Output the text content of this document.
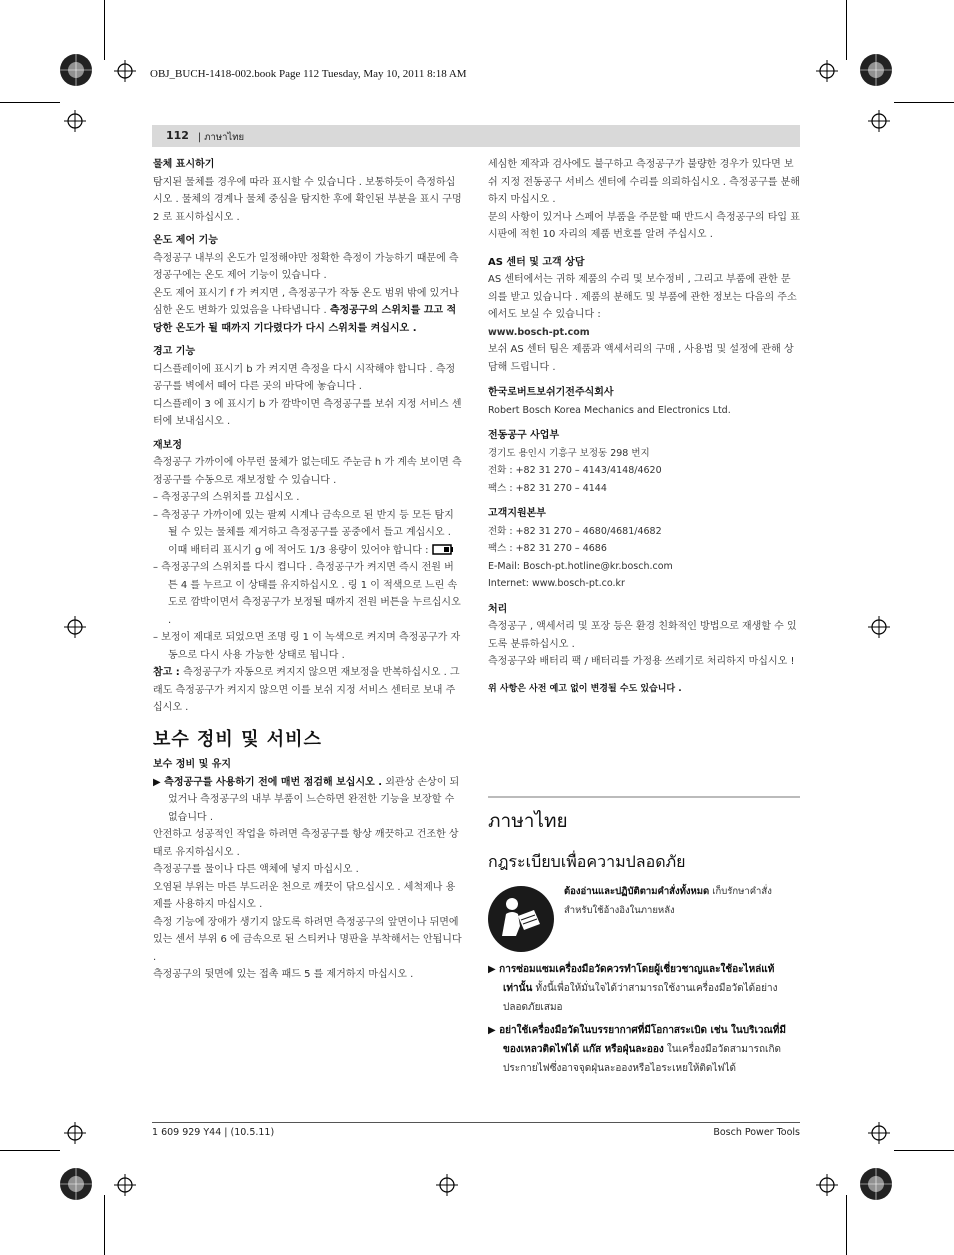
OBJ_BUCH-1418-002.book Page 112 Tuesday, May 10, 2011 8:18 AM
112 | ภาษาไทย

물체 표시하기

탐지된 물체를 경우에 따라 표시할 수 있습니다 . 보통하듯이 측정하십시오 . 물체의 경계나 물체 중심을 탐지한 후에 확인된 부분을 표시 구멍 2 로 표시하십시오 .

온도 제어 기능

측정공구 내부의 온도가 일정해야만 정확한 측정이 가능하기 때문에 측정공구에는 온도 제어 기능이 있습니다 .

온도 제어 표시기 f 가 켜지면 , 측정공구가 작동 온도 범위 밖에 있거나 심한 온도 변화가 있었음을 나타냅니다 . 측정공구의 스위치를 끄고 적당한 온도가 될 때까지 기다렸다가 다시 스위치를 켜십시오 .

경고 기능

디스플레이에 표시기 b 가 켜지면 측정을 다시 시작해야 합니다 . 측정공구를 벽에서 떼어 다른 곳의 바닥에 놓습니다 .

디스플레이 3 에 표시기 b 가 깜박이면 측정공구를 보쉬 지정 서비스 센터에 보내십시오 .

재보정

측정공구 가까이에 아무런 물체가 없는데도 주눈금 h 가 계속 보이면 측정공구를 수동으로 재보정할 수 있습니다 .

– 측정공구의 스위치를 끄십시오 .

– 측정공구 가까이에 있는 팔찌 시계나 금속으로 된 반지 등 모든 탐지될 수 있는 물체를 제거하고 측정공구를 공중에서 들고 계십시오 .

이때 배터리 표시기 g 에 적어도 1/3 용량이 있어야 합니다 :

– 측정공구의 스위치를 다시 켭니다 . 측정공구가 켜지면 즉시 전원 버튼 4 를 누르고 이 상태를 유지하십시오 . 링 1 이 적색으로 느린 속도로 깜박이면서 측정공구가 보정될 때까지 전원 버튼을 누르십시오 .

– 보정이 제대로 되었으면 조명 링 1 이 녹색으로 켜지며 측정공구가 자동으로 다시 사용 가능한 상태로 됩니다 .

참고 : 측정공구가 자동으로 켜지지 않으면 재보정을 반복하십시오 . 그래도 측정공구가 켜지지 않으면 이를 보쉬 지정 서비스 센터로 보내 주십시오 .

보수 정비 및 서비스

보수 정비 및 유지

▶ 측정공구를 사용하기 전에 매번 점검해 보십시오 . 외관상 손상이 되었거나 측정공구의 내부 부품이 느슨하면 완전한 기능을 보장할 수 없습니다 .

안전하고 성공적인 작업을 하려면 측정공구를 항상 깨끗하고 건조한 상태로 유지하십시오 .

측정공구를 물이나 다른 액체에 넣지 마십시오 .

오염된 부위는 마른 부드러운 천으로 깨끗이 닦으십시오 . 세척제나 용제를 사용하지 마십시오 .

측정 기능에 장애가 생기지 않도록 하려면 측정공구의 앞면이나 뒤면에 있는 센서 부위 6 에 금속으로 된 스티커나 명판을 부착해서는 안됩니다 .

측정공구의 뒷면에 있는 접촉 패드 5 를 제거하지 마십시오 .

세심한 제작과 검사에도 불구하고 측정공구가 불량한 경우가 있다면 보쉬 지정 전동공구 서비스 센터에 수리를 의뢰하십시오 . 측정공구를 분해하지 마십시오 .

문의 사항이 있거나 스페어 부품을 주문할 때 반드시 측정공구의 타입 표시판에 적힌 10 자리의 제품 번호를 알려 주십시오 .

AS 센터 및 고객 상담

AS 센터에서는 귀하 제품의 수리 및 보수정비 , 그리고 부품에 관한 문의를 받고 있습니다 . 제품의 분해도 및 부품에 관한 정보는 다음의 주소에서도 보실 수 있습니다 :

www.bosch-pt.com

보쉬 AS 센터 팀은 제품과 액세서리의 구매 , 사용법 및 설정에 관해 상담해 드립니다 .

한국로버트보쉬기전주식회사

Robert Bosch Korea Mechanics and Electronics Ltd.

전동공구 사업부

경기도 용인시 기흥구 보정동 298 번지

전화 : +82 31 270 – 4143/4148/4620

팩스 : +82 31 270 – 4144

고객지원본부

전화 : +82 31 270 – 4680/4681/4682

팩스 : +82 31 270 – 4686

E-Mail: Bosch-pt.hotline@kr.bosch.com

Internet: www.bosch-pt.co.kr

처리

측정공구 , 액세서리 및 포장 등은 환경 친화적인 방법으로 재생할 수 있도록 분류하십시오 .

측정공구와 배터리 팩 / 배터리를 가정용 쓰레기로 처리하지 마십시오 !

위 사항은 사전 예고 없이 변경될 수도 있습니다 .

ภาษาไทย
กฎระเบียบเพื่อความปลอดภัย
ต้องอ่านและปฏิบัติตามคำสั่งทั้งหมด เก็บรักษาคำสั่งสำหรับใช้อ้างอิงในภายหลัง

▶ การซ่อมแซมเครื่องมือวัดควรทำโดยผู้เชี่ยวชาญและใช้อะไหล่แท้เท่านั้น ทั้งนี้เพื่อให้มั่นใจได้ว่าสามารถใช้งานเครื่องมือวัดได้อย่างปลอดภัยเสมอ

▶ อย่าใช้เครื่องมือวัดในบรรยากาศที่มีโอกาสระเบิด เช่น ในบริเวณที่มีของเหลวติดไฟได้ แก๊ส หรือฝุ่นละออง ในเครื่องมือวัดสามารถเกิดประกายไฟซึ่งอาจจุดฝุ่นละอองหรือไอระเหยให้ติดไฟได้

1 609 929 Y44 | (10.5.11)	Bosch Power Tools
